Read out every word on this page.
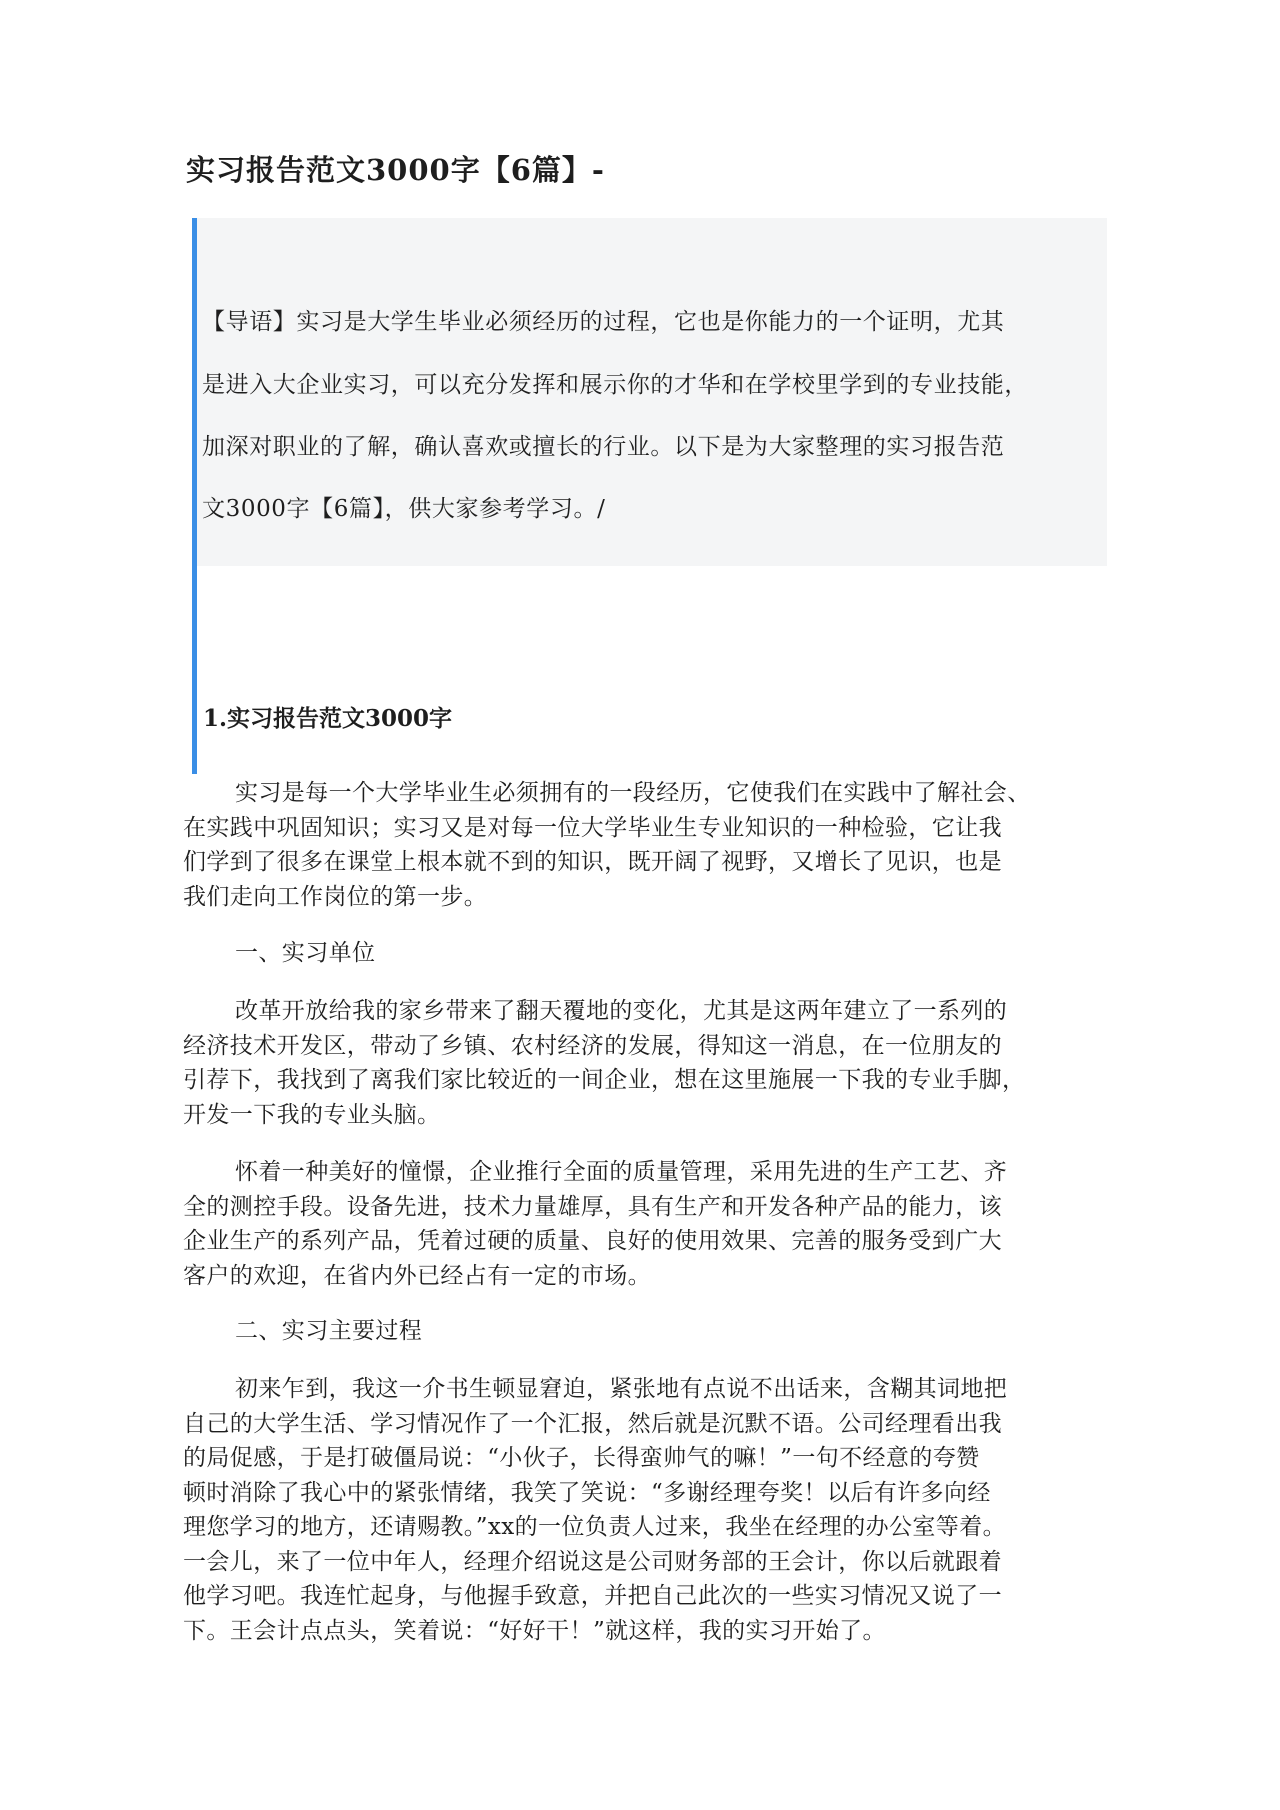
实习报告范文3000字【6篇】-

【导语】实习是大学生毕业必须经历的过程，它也是你能力的一个证明，尤其

是进入大企业实习，可以充分发挥和展示你的才华和在学校里学到的专业技能，

加深对职业的了解，确认喜欢或擅长的行业。以下是为大家整理的实习报告范

文3000字【6篇】，供大家参考学习。/

1.实习报告范文3000字
实习是每一个大学毕业生必须拥有的一段经历，它使我们在实践中了解社会、
在实践中巩固知识；实习又是对每一位大学毕业生专业知识的一种检验，它让我
们学到了很多在课堂上根本就不到的知识，既开阔了视野，又增长了见识，也是
我们走向工作岗位的第一步。
一、实习单位
改革开放给我的家乡带来了翻天覆地的变化，尤其是这两年建立了一系列的
经济技术开发区，带动了乡镇、农村经济的发展，得知这一消息，在一位朋友的
引荐下，我找到了离我们家比较近的一间企业，想在这里施展一下我的专业手脚，
开发一下我的专业头脑。
怀着一种美好的憧憬，企业推行全面的质量管理，采用先进的生产工艺、齐
全的测控手段。设备先进，技术力量雄厚，具有生产和开发各种产品的能力，该
企业生产的系列产品，凭着过硬的质量、良好的使用效果、完善的服务受到广大
客户的欢迎，在省内外已经占有一定的市场。
二、实习主要过程
初来乍到，我这一介书生顿显窘迫，紧张地有点说不出话来，含糊其词地把
自己的大学生活、学习情况作了一个汇报，然后就是沉默不语。公司经理看出我
的局促感，于是打破僵局说：“小伙子，长得蛮帅气的嘛！”一句不经意的夸赞
顿时消除了我心中的紧张情绪，我笑了笑说：“多谢经理夸奖！以后有许多向经
理您学习的地方，还请赐教。”xx的一位负责人过来，我坐在经理的办公室等着。
一会儿，来了一位中年人，经理介绍说这是公司财务部的王会计，你以后就跟着
他学习吧。我连忙起身，与他握手致意，并把自己此次的一些实习情况又说了一
下。王会计点点头，笑着说：“好好干！”就这样，我的实习开始了。
